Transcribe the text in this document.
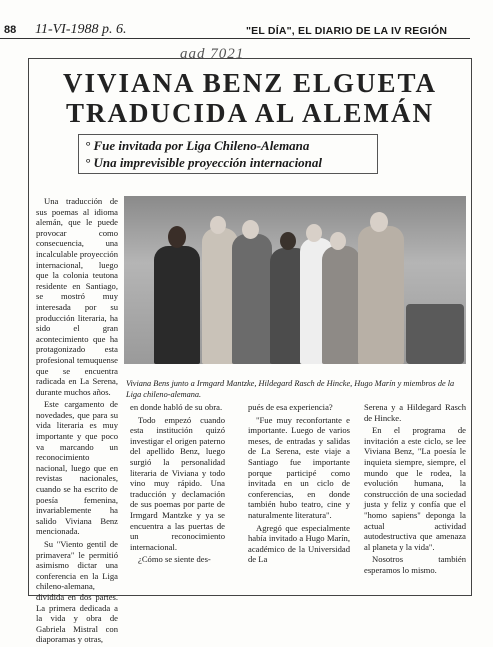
88 11-VI-1988 p. 6.
aad 7021
"EL DÍA", EL DIARIO DE LA IV REGIÓN
VIVIANA BENZ ELGUETA
TRADUCIDA AL ALEMÁN
° Fue invitada por Liga Chileno-Alemana
° Una imprevisible proyección internacional
Viviana Bens junto a Irmgard Mantzke, Hildegard Rasch de Hincke, Hugo Marín y miembros de la Liga chileno-alemana.

Una traducción de sus poemas al idioma alemán, que le puede provocar como consecuencia, una incalculable proyección internacional, luego que la colonia teutona residente en Santiago, se mostró muy interesada por su producción literaria, ha sido el gran acontecimiento que ha protagonizado esta profesional temuquense que se encuentra radicada en La Serena, durante muchos años.

Este cargamento de novedades, que para su vida literaria es muy importante y que poco va marcando un reconocimiento nacional, luego que en revistas nacionales, cuando se ha escrito de poesía femenina, invariablemente ha salido Viviana Benz mencionada.

Su "Viento gentil de primavera" le permitió asimismo dictar una conferencia en la Liga chileno-alemana, dividida en dos partes. La primera dedicada a la vida y obra de Gabriela Mistral con diaporamas y otras,

en donde habló de su obra.

Todo empezó cuando esta institución quizó investigar el origen paterno del apellido Benz, luego surgió la personalidad literaria de Viviana y todo vino muy rápido. Una traducción y declamación de sus poemas por parte de Irmgard Mantzke y ya se encuentra a las puertas de un reconocimiento internacional.

¿Cómo se siente des-

pués de esa experiencia?

"Fue muy reconfortante e importante. Luego de varios meses, de entradas y salidas de La Serena, este viaje a Santiago fue importante porque participé como invitada en un ciclo de conferencias, en donde también hubo teatro, cine y naturalmente literatura".

Agregó que especialmente había invitado a Hugo Marín, académico de la Universidad de La

Serena y a Hildegard Rasch de Hincke.

En el programa de invitación a este ciclo, se lee Viviana Benz, "La poesía le inquieta siempre, siempre, el mundo que le rodea, la evolución humana, la construcción de una sociedad justa y feliz y confía que el "homo sapiens" deponga la actual actividad autodestructiva que amenaza al planeta y la vida".

Nosotros también esperamos lo mismo.
